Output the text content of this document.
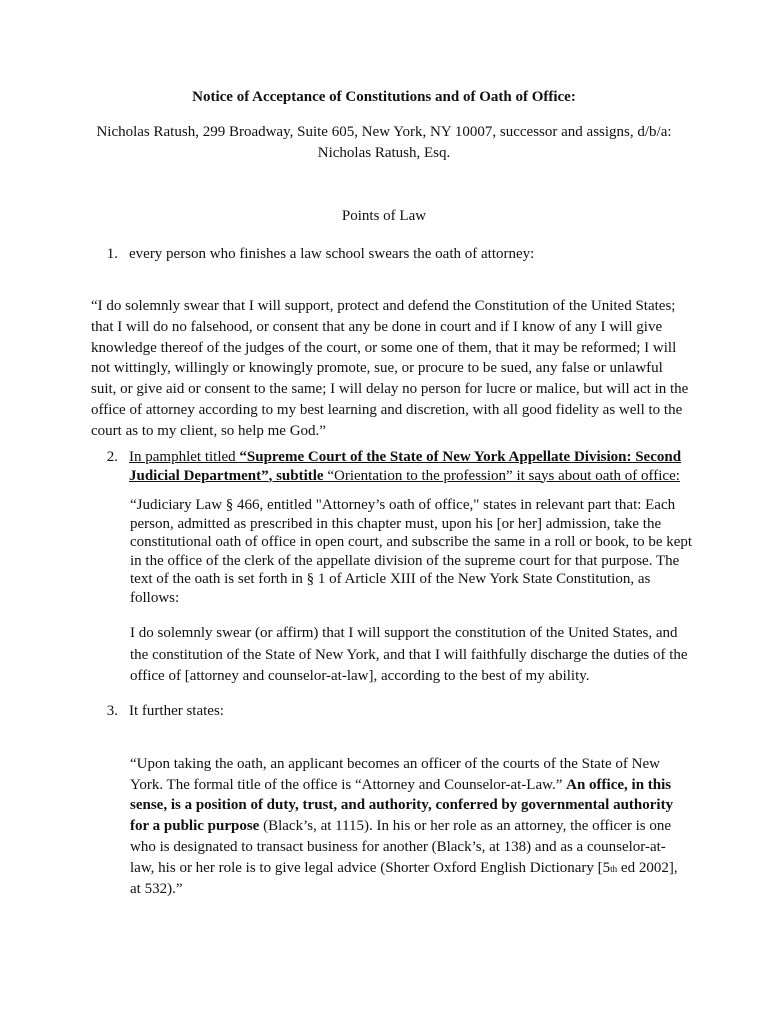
Notice of Acceptance of Constitutions and of Oath of Office:

Nicholas Ratush, 299 Broadway, Suite 605, New York, NY 10007, successor and assigns, d/b/a:
Nicholas Ratush, Esq.

Points of Law

1. every person who finishes a law school swears the oath of attorney:

“I do solemnly swear that I will support, protect and defend the Constitution of the United States; that I will do no falsehood, or consent that any be done in court and if I know of any I will give knowledge thereof of the judges of the court, or some one of them, that it may be reformed; I will not wittingly, willingly or knowingly promote, sue, or procure to be sued, any false or unlawful suit, or give aid or consent to the same; I will delay no person for lucre or malice, but will act in the office of attorney according to my best learning and discretion, with all good fidelity as well to the court as to my client, so help me God.”

2. In pamphlet titled “Supreme Court of the State of New York Appellate Division: Second Judicial Department”, subtitle “Orientation to the profession” it says about oath of office:

“Judiciary Law § 466, entitled "Attorney’s oath of office," states in relevant part that: Each person, admitted as prescribed in this chapter must, upon his [or her] admission, take the constitutional oath of office in open court, and subscribe the same in a roll or book, to be kept in the office of the clerk of the appellate division of the supreme court for that purpose. The text of the oath is set forth in § 1 of Article XIII of the New York State Constitution, as follows:

I do solemnly swear (or affirm) that I will support the constitution of the United States, and the constitution of the State of New York, and that I will faithfully discharge the duties of the office of [attorney and counselor-at-law], according to the best of my ability.

3. It further states:

“Upon taking the oath, an applicant becomes an officer of the courts of the State of New York. The formal title of the office is “Attorney and Counselor-at-Law.” An office, in this sense, is a position of duty, trust, and authority, conferred by governmental authority for a public purpose (Black’s, at 1115). In his or her role as an attorney, the officer is one who is designated to transact business for another (Black’s, at 138) and as a counselor-at-law, his or her role is to give legal advice (Shorter Oxford English Dictionary [5th ed 2002], at 532).”
